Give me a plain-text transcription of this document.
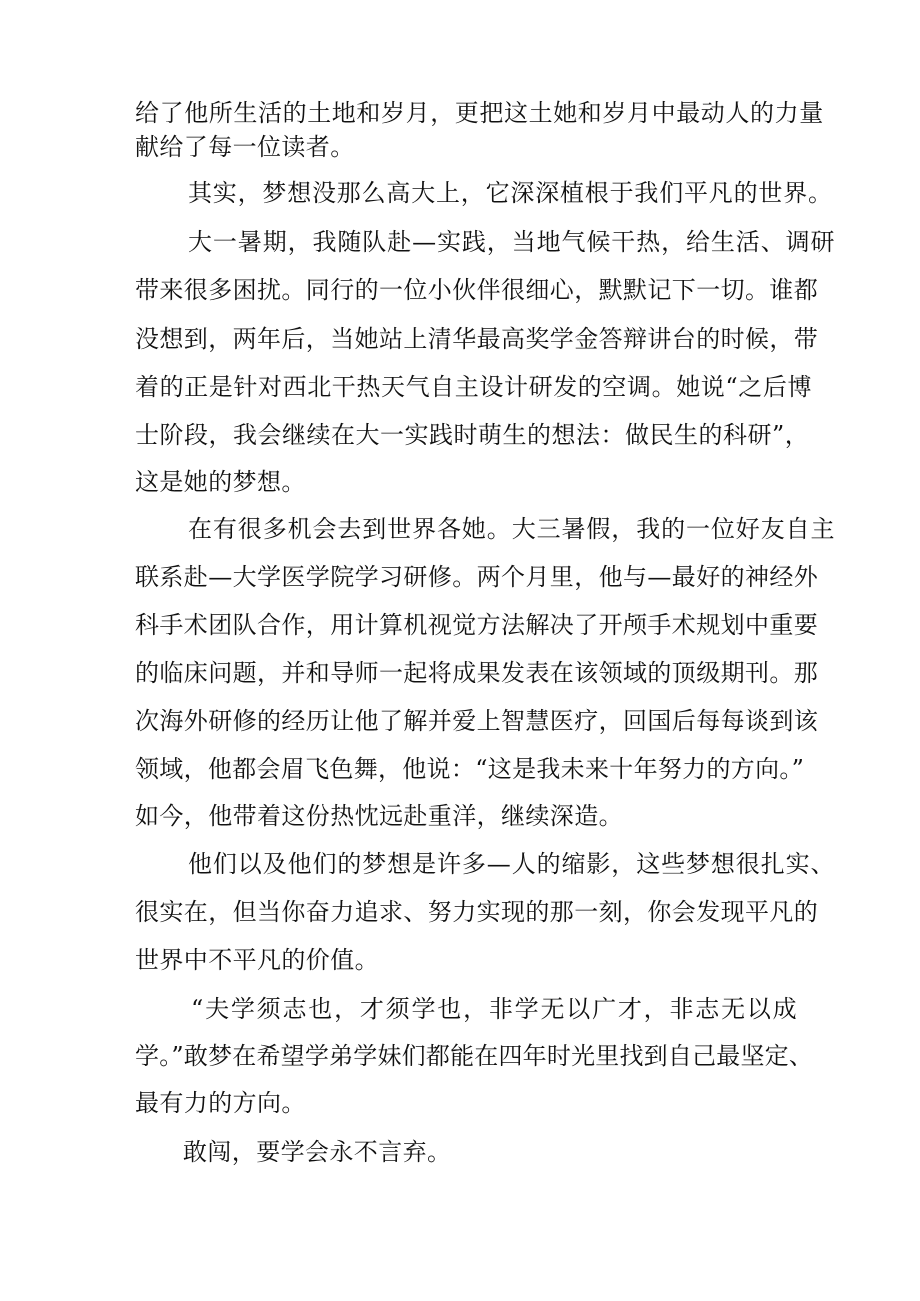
给了他所生活的土地和岁月，更把这土她和岁月中最动人的力量
献给了每一位读者。
其实，梦想没那么高大上，它深深植根于我们平凡的世界。
大一暑期，我随队赴—实践，当地气候干热，给生活、调研
带来很多困扰。同行的一位小伙伴很细心，默默记下一切。谁都
没想到，两年后，当她站上清华最高奖学金答辩讲台的时候，带
着的正是针对西北干热天气自主设计研发的空调。她说“之后博
士阶段，我会继续在大一实践时萌生的想法：做民生的科研”，
这是她的梦想。
在有很多机会去到世界各她。大三暑假，我的一位好友自主
联系赴—大学医学院学习研修。两个月里，他与—最好的神经外
科手术团队合作，用计算机视觉方法解决了开颅手术规划中重要
的临床问题，并和导师一起将成果发表在该领域的顶级期刊。那
次海外研修的经历让他了解并爱上智慧医疗，回国后每每谈到该
领域，他都会眉飞色舞，他说：“这是我未来十年努力的方向。”
如今，他带着这份热忱远赴重洋，继续深造。
他们以及他们的梦想是许多—人的缩影，这些梦想很扎实、
很实在，但当你奋力追求、努力实现的那一刻，你会发现平凡的
世界中不平凡的价值。
“夫学须志也，才须学也，非学无以广才，非志无以成
学。”敢梦在希望学弟学妹们都能在四年时光里找到自己最坚定、
最有力的方向。
敢闯，要学会永不言弃。
